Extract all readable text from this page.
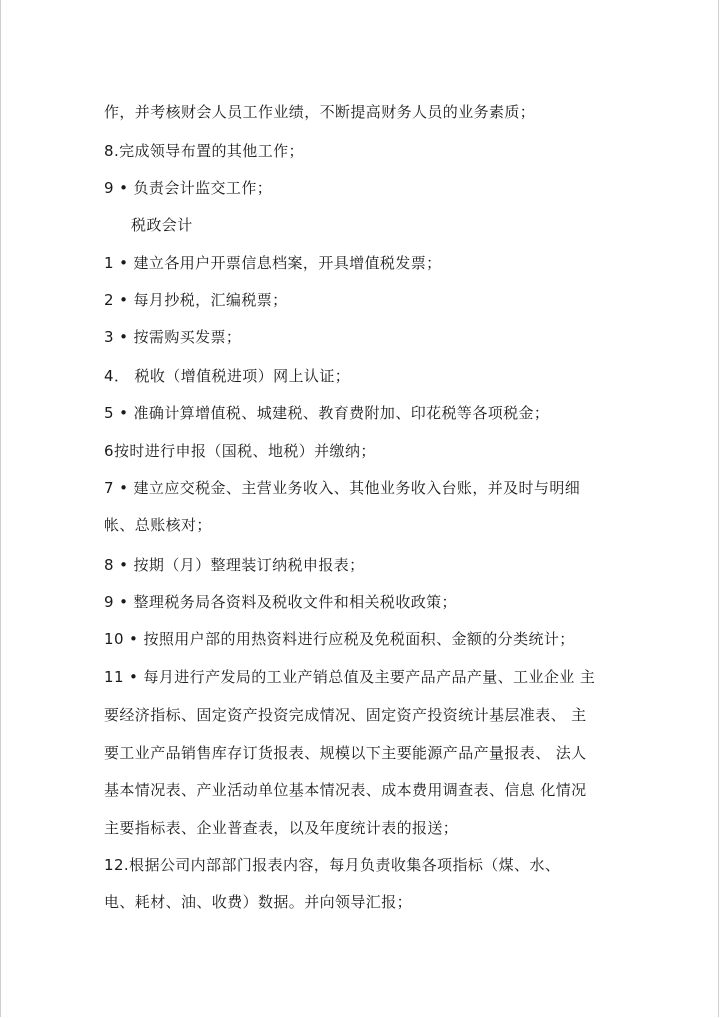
作，并考核财会人员工作业绩，不断提高财务人员的业务素质；
8.完成领导布置的其他工作；
9 • 负责会计监交工作；
税政会计
1 • 建立各用户开票信息档案，开具增值税发票；
2 • 每月抄税，汇编税票；
3 • 按需购买发票；
4． 税收（增值税进项）网上认证；
5 • 准确计算增值税、城建税、教育费附加、印花税等各项税金；
6按时进行申报（国税、地税）并缴纳；
7 • 建立应交税金、主营业务收入、其他业务收入台账，并及时与明细
帐、总账核对；
8 • 按期（月）整理装订纳税申报表；
9 • 整理税务局各资料及税收文件和相关税收政策；
10 • 按照用户部的用热资料进行应税及免税面积、金额的分类统计；
11 • 每月进行产发局的工业产销总值及主要产品产品产量、工业企业 主
要经济指标、固定资产投资完成情况、固定资产投资统计基层准表、 主
要工业产品销售库存订货报表、规模以下主要能源产品产量报表、 法人
基本情况表、产业活动单位基本情况表、成本费用调查表、信息 化情况
主要指标表、企业普查表，以及年度统计表的报送；
12.根据公司内部部门报表内容，每月负责收集各项指标（煤、水、
电、耗材、油、收费）数据。并向领导汇报；
